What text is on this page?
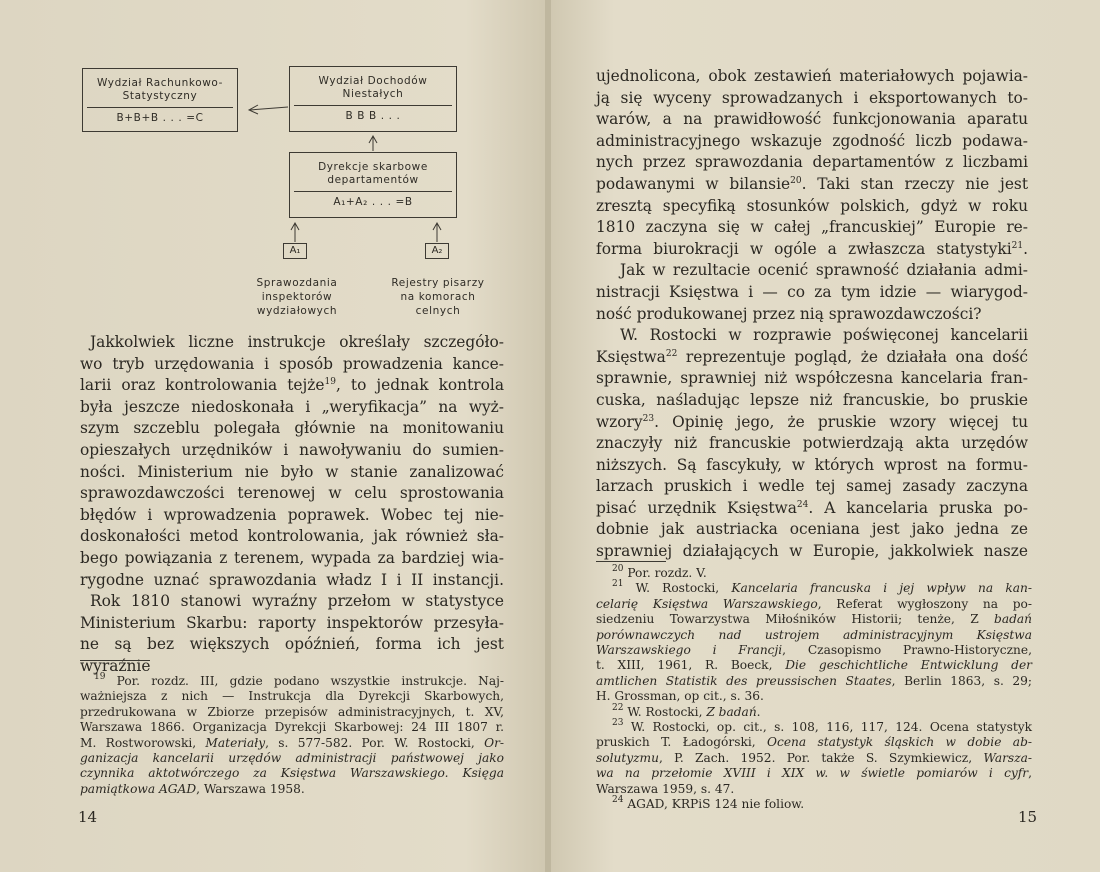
Wydział Rachunkowo-
Statystyczny
B+B+B . . . =C
Wydział Dochodów
Niestałych
B B B . . .
Dyrekcje skarbowe
departamentów
A₁+A₂ . . . =B
A₁	A₂
Sprawozdania
inspektorów
wydziałowych
Rejestry pisarzy
na komorach
celnych
Jakkolwiek liczne instrukcje określały szczegóło-
wo tryb urzędowania i sposób prowadzenia kance-
larii oraz kontrolowania tejże$^{19}$, to jednak kontrola
była jeszcze niedoskonała i „weryfikacja” na wyż-
szym szczeblu polegała głównie na monitowaniu
opieszałych urzędników i nawoływaniu do sumien-
ności. Ministerium nie było w stanie zanalizować
sprawozdawczości terenowej w celu sprostowania
błędów i wprowadzenia poprawek. Wobec tej nie-
doskonałości metod kontrolowania, jak również sła-
bego powiązania z terenem, wypada za bardziej wia-
rygodne uznać sprawozdania władz I i II instancji.
Rok 1810 stanowi wyraźny przełom w statystyce
Ministerium Skarbu: raporty inspektorów przesyła-
ne są bez większych opóźnień, forma ich jest wyraźnie
$^{19}$ Por. rozdz. III, gdzie podano wszystkie instrukcje. Naj-
ważniejsza z nich — Instrukcja dla Dyrekcji Skarbowych,
przedrukowana w Zbiorze przepisów administracyjnych, t. XV,
Warszawa 1866. Organizacja Dyrekcji Skarbowej: 24 III 1807 r.
M. Rostworowski, Materiały, s. 577-582. Por. W. Rostocki, Or-
ganizacja kancelarii urzędów administracji państwowej jako
czynnika aktotwórczego za Księstwa Warszawskiego. Księga
pamiątkowa AGAD, Warszawa 1958.
14
ujednolicona, obok zestawień materiałowych pojawia-
ją się wyceny sprowadzanych i eksportowanych to-
warów, a na prawidłowość funkcjonowania aparatu
administracyjnego wskazuje zgodność liczb podawa-
nych przez sprawozdania departamentów z liczbami
podawanymi w bilansie$^{20}$. Taki stan rzeczy nie jest
zresztą specyfiką stosunków polskich, gdyż w roku
1810 zaczyna się w całej „francuskiej” Europie re-
forma biurokracji w ogóle a zwłaszcza statystyki$^{21}$.
Jak w rezultacie ocenić sprawność działania admi-
nistracji Księstwa i — co za tym idzie — wiarygod-
ność produkowanej przez nią sprawozdawczości?
W. Rostocki w rozprawie poświęconej kancelarii
Księstwa$^{22}$ reprezentuje pogląd, że działała ona dość
sprawnie, sprawniej niż współczesna kancelaria fran-
cuska, naśladując lepsze niż francuskie, bo pruskie
wzory$^{23}$. Opinię jego, że pruskie wzory więcej tu
znaczyły niż francuskie potwierdzają akta urzędów
niższych. Są fascykuły, w których wprost na formu-
larzach pruskich i wedle tej samej zasady zaczyna
pisać urzędnik Księstwa$^{24}$. A kancelaria pruska po-
dobnie jak austriacka oceniana jest jako jedna ze
sprawniej działających w Europie, jakkolwiek nasze
$^{20}$ Por. rozdz. V.
$^{21}$ W. Rostocki, Kancelaria francuska i jej wpływ na kan-
celarię Księstwa Warszawskiego, Referat wygłoszony na po-
siedzeniu Towarzystwa Miłośników Historii; tenże, Z badań
porównawczych nad ustrojem administracyjnym Księstwa
Warszawskiego i Francji, Czasopismo Prawno-Historyczne,
t. XIII, 1961, R. Boeck, Die geschichtliche Entwicklung der
amtlichen Statistik des preussischen Staates, Berlin 1863, s. 29;
H. Grossman, op cit., s. 36.
$^{22}$ W. Rostocki, Z badań.
$^{23}$ W. Rostocki, op. cit., s. 108, 116, 117, 124. Ocena statystyk
pruskich T. Ładogórski, Ocena statystyk śląskich w dobie ab-
solutyzmu, P. Zach. 1952. Por. także S. Szymkiewicz, Warsza-
wa na przełomie XVIII i XIX w. w świetle pomiarów i cyfr,
Warszawa 1959, s. 47.
$^{24}$ AGAD, KRPiS 124 nie foliow.
15
